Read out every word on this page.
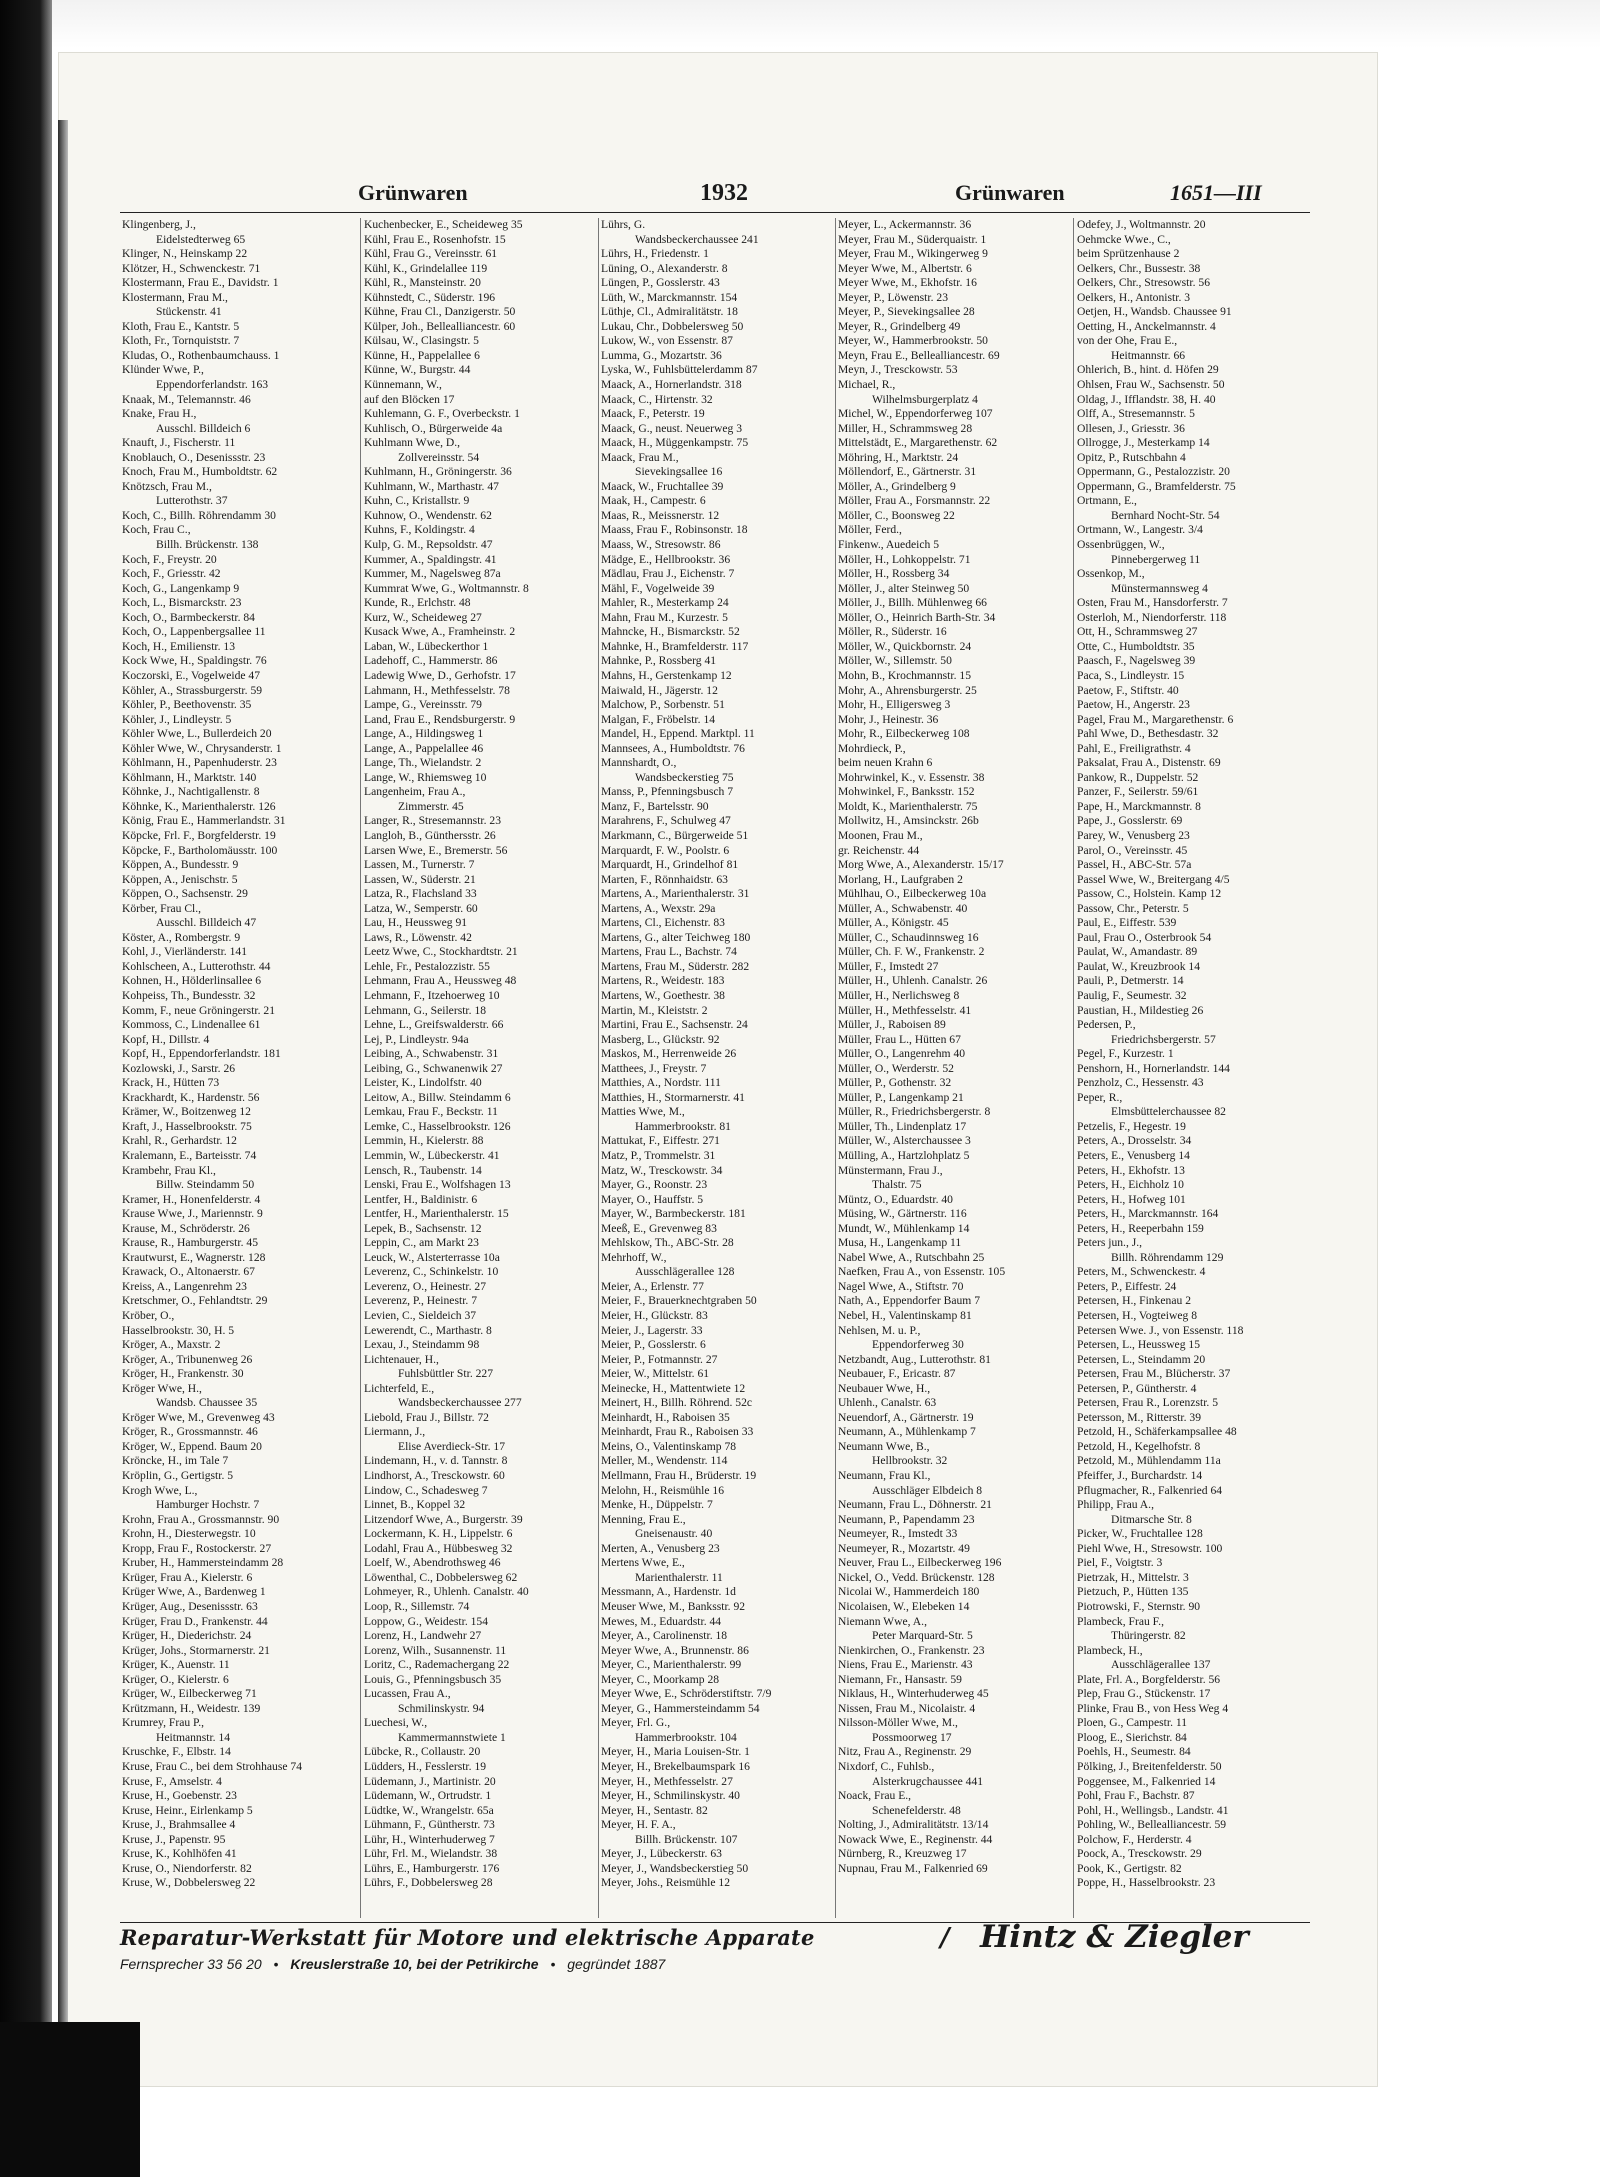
Grünwaren	1932	Grünwaren	1651—III
Klingenberg, J.,
Eidelstedterweg 65
Klinger, N., Heinskamp 22
Klötzer, H., Schwenckestr. 71
Klostermann, Frau E., Davidstr. 1
Klostermann, Frau M.,
Stückenstr. 41
Kloth, Frau E., Kantstr. 5
Kloth, Fr., Tornquiststr. 7
Kludas, O., Rothenbaumchauss. 1
Klünder Wwe, P.,
Eppendorferlandstr. 163
Knaak, M., Telemannstr. 46
Knake, Frau H.,
Ausschl. Billdeich 6
Knauft, J., Fischerstr. 11
Knoblauch, O., Desenissstr. 23
Knoch, Frau M., Humboldtstr. 62
Knötzsch, Frau M.,
Lutterothstr. 37
Koch, C., Billh. Röhrendamm 30
Koch, Frau C.,
Billh. Brückenstr. 138
Koch, F., Freystr. 20
Koch, F., Griesstr. 42
Koch, G., Langenkamp 9
Koch, L., Bismarckstr. 23
Koch, O., Barmbeckerstr. 84
Koch, O., Lappenbergsallee 11
Koch, H., Emilienstr. 13
Kock Wwe, H., Spaldingstr. 76
Koczorski, E., Vogelweide 47
Köhler, A., Strassburgerstr. 59
Köhler, P., Beethovenstr. 35
Köhler, J., Lindleystr. 5
Köhler Wwe, L., Bullerdeich 20
Köhler Wwe, W., Chrysanderstr. 1
Köhlmann, H., Papenhuderstr. 23
Köhlmann, H., Marktstr. 140
Köhnke, J., Nachtigallenstr. 8
Köhnke, K., Marienthalerstr. 126
König, Frau E., Hammerlandstr. 31
Köpcke, Frl. F., Borgfelderstr. 19
Köpcke, F., Bartholomäusstr. 100
Köppen, A., Bundesstr. 9
Köppen, A., Jenischstr. 5
Köppen, O., Sachsenstr. 29
Körber, Frau Cl.,
Ausschl. Billdeich 47
Köster, A., Rombergstr. 9
Kohl, J., Vierländerstr. 141
Kohlscheen, A., Lutterothstr. 44
Kohnen, H., Hölderlinsallee 6
Kohpeiss, Th., Bundesstr. 32
Komm, F., neue Gröningerstr. 21
Kommoss, C., Lindenallee 61
Kopf, H., Dillstr. 4
Kopf, H., Eppendorferlandstr. 181
Kozlowski, J., Sarstr. 26
Krack, H., Hütten 73
Krackhardt, K., Hardenstr. 56
Krämer, W., Boitzenweg 12
Kraft, J., Hasselbrookstr. 75
Krahl, R., Gerhardstr. 12
Kralemann, E., Barteisstr. 74
Krambehr, Frau Kl.,
Billw. Steindamm 50
Kramer, H., Honenfelderstr. 4
Krause Wwe, J., Mariennstr. 9
Krause, M., Schröderstr. 26
Krause, R., Hamburgerstr. 45
Krautwurst, E., Wagnerstr. 128
Krawack, O., Altonaerstr. 67
Kreiss, A., Langenrehm 23
Kretschmer, O., Fehlandtstr. 29
Kröber, O.,
Hasselbrookstr. 30, H. 5
Kröger, A., Maxstr. 2
Kröger, A., Tribunenweg 26
Kröger, H., Frankenstr. 30
Kröger Wwe, H.,
Wandsb. Chaussee 35
Kröger Wwe, M., Grevenweg 43
Kröger, R., Grossmannstr. 46
Kröger, W., Eppend. Baum 20
Kröncke, H., im Tale 7
Kröplin, G., Gertigstr. 5
Krogh Wwe, L.,
Hamburger Hochstr. 7
Krohn, Frau A., Grossmannstr. 90
Krohn, H., Diesterwegstr. 10
Kropp, Frau F., Rostockerstr. 27
Kruber, H., Hammersteindamm 28
Krüger, Frau A., Kielerstr. 6
Krüger Wwe, A., Bardenweg 1
Krüger, Aug., Desenissstr. 63
Krüger, Frau D., Frankenstr. 44
Krüger, H., Diederichstr. 24
Krüger, Johs., Stormarnerstr. 21
Krüger, K., Auenstr. 11
Krüger, O., Kielerstr. 6
Krüger, W., Eilbeckerweg 71
Krützmann, H., Weidestr. 139
Krumrey, Frau P.,
Heitmannstr. 14
Kruschke, F., Elbstr. 14
Kruse, Frau C., bei dem Strohhause 74
Kruse, F., Amselstr. 4
Kruse, H., Goebenstr. 23
Kruse, Heinr., Eirlenkamp 5
Kruse, J., Brahmsallee 4
Kruse, J., Papenstr. 95
Kruse, K., Kohlhöfen 41
Kruse, O., Niendorferstr. 82
Kruse, W., Dobbelersweg 22
Kuchenbecker, E., Scheideweg 35
Kühl, Frau E., Rosenhofstr. 15
Kühl, Frau G., Vereinsstr. 61
Kühl, K., Grindelallee 119
Kühl, R., Mansteinstr. 20
Kühnstedt, C., Süderstr. 196
Kühne, Frau Cl., Danzigerstr. 50
Külper, Joh., Bellealliancestr. 60
Külsau, W., Clasingstr. 5
Künne, H., Pappelallee 6
Künne, W., Burgstr. 44
Künnemann, W.,
auf den Blöcken 17
Kuhlemann, G. F., Overbeckstr. 1
Kuhlisch, O., Bürgerweide 4a
Kuhlmann Wwe, D.,
Zollvereinsstr. 54
Kuhlmann, H., Gröningerstr. 36
Kuhlmann, W., Marthastr. 47
Kuhn, C., Kristallstr. 9
Kuhnow, O., Wendenstr. 62
Kuhns, F., Koldingstr. 4
Kulp, G. M., Repsoldstr. 47
Kummer, A., Spaldingstr. 41
Kummer, M., Nagelsweg 87a
Kummrat Wwe, G., Woltmannstr. 8
Kunde, R., Erlchstr. 48
Kurz, W., Scheideweg 27
Kusack Wwe, A., Framheinstr. 2
Laban, W., Lübeckerthor 1
Ladehoff, C., Hammerstr. 86
Ladewig Wwe, D., Gerhofstr. 17
Lahmann, H., Methfesselstr. 78
Lampe, G., Vereinsstr. 79
Land, Frau E., Rendsburgerstr. 9
Lange, A., Hildingsweg 1
Lange, A., Pappelallee 46
Lange, Th., Wielandstr. 2
Lange, W., Rhiemsweg 10
Langenheim, Frau A.,
Zimmerstr. 45
Langer, R., Stresemannstr. 23
Langloh, B., Günthersstr. 26
Larsen Wwe, E., Bremerstr. 56
Lassen, M., Turnerstr. 7
Lassen, W., Süderstr. 21
Latza, R., Flachsland 33
Latza, W., Semperstr. 60
Lau, H., Heussweg 91
Laws, R., Löwenstr. 42
Leetz Wwe, C., Stockhardtstr. 21
Lehle, Fr., Pestalozzistr. 55
Lehmann, Frau A., Heussweg 48
Lehmann, F., Itzehoerweg 10
Lehmann, G., Seilerstr. 18
Lehne, L., Greifswalderstr. 66
Lej, P., Lindleystr. 94a
Leibing, A., Schwabenstr. 31
Leibing, G., Schwanenwik 27
Leister, K., Lindolfstr. 40
Leitow, A., Billw. Steindamm 6
Lemkau, Frau F., Beckstr. 11
Lemke, C., Hasselbrookstr. 126
Lemmin, H., Kielerstr. 88
Lemmin, W., Lübeckerstr. 41
Lensch, R., Taubenstr. 14
Lenski, Frau E., Wolfshagen 13
Lentfer, H., Baldinistr. 6
Lentfer, H., Marienthalerstr. 15
Lepek, B., Sachsenstr. 12
Leppin, C., am Markt 23
Leuck, W., Alsterterrasse 10a
Leverenz, C., Schinkelstr. 10
Leverenz, O., Heinestr. 27
Leverenz, P., Heinestr. 7
Levien, C., Sieldeich 37
Lewerendt, C., Marthastr. 8
Lexau, J., Steindamm 98
Lichtenauer, H.,
Fuhlsbüttler Str. 227
Lichterfeld, E.,
Wandsbeckerchaussee 277
Liebold, Frau J., Billstr. 72
Liermann, J.,
Elise Averdieck-Str. 17
Lindemann, H., v. d. Tannstr. 8
Lindhorst, A., Tresckowstr. 60
Lindow, C., Schadesweg 7
Linnet, B., Koppel 32
Litzendorf Wwe, A., Burgerstr. 39
Lockermann, K. H., Lippelstr. 6
Lodahl, Frau A., Hübbesweg 32
Loelf, W., Abendrothsweg 46
Löwenthal, C., Dobbelersweg 62
Lohmeyer, R., Uhlenh. Canalstr. 40
Loop, R., Sillemstr. 74
Loppow, G., Weidestr. 154
Lorenz, H., Landwehr 27
Lorenz, Wilh., Susannenstr. 11
Loritz, C., Rademachergang 22
Louis, G., Pfenningsbusch 35
Lucassen, Frau A.,
Schmilinskystr. 94
Luechesi, W.,
Kammermannstwiete 1
Lübcke, R., Collaustr. 20
Lüdders, H., Fesslerstr. 19
Lüdemann, J., Martinistr. 20
Lüdemann, W., Ortrudstr. 1
Lüdtke, W., Wrangelstr. 65a
Lühmann, F., Güntherstr. 73
Lühr, H., Winterhuderweg 7
Lühr, Frl. M., Wielandstr. 38
Lührs, E., Hamburgerstr. 176
Lührs, F., Dobbelersweg 28
Lührs, G.
Wandsbeckerchaussee 241
Lührs, H., Friedenstr. 1
Lüning, O., Alexanderstr. 8
Lüngen, P., Gosslerstr. 43
Lüth, W., Marckmannstr. 154
Lüthje, Cl., Admiralitätstr. 18
Lukau, Chr., Dobbelersweg 50
Lukow, W., von Essenstr. 87
Lumma, G., Mozartstr. 36
Lyska, W., Fuhlsbüttelerdamm 87
Maack, A., Hornerlandstr. 318
Maack, C., Hirtenstr. 32
Maack, F., Peterstr. 19
Maack, G., neust. Neuerweg 3
Maack, H., Müggenkampstr. 75
Maack, Frau M.,
Sievekingsallee 16
Maack, W., Fruchtallee 39
Maak, H., Campestr. 6
Maas, R., Meissnerstr. 12
Maass, Frau F., Robinsonstr. 18
Maass, W., Stresowstr. 86
Mädge, E., Hellbrookstr. 36
Mädlau, Frau J., Eichenstr. 7
Mähl, F., Vogelweide 39
Mahler, R., Mesterkamp 24
Mahn, Frau M., Kurzestr. 5
Mahncke, H., Bismarckstr. 52
Mahnke, H., Bramfelderstr. 117
Mahnke, P., Rossberg 41
Mahns, H., Gerstenkamp 12
Maiwald, H., Jägerstr. 12
Malchow, P., Sorbenstr. 51
Malgan, F., Fröbelstr. 14
Mandel, H., Eppend. Marktpl. 11
Mannsees, A., Humboldtstr. 76
Mannshardt, O.,
Wandsbeckerstieg 75
Manss, P., Pfenningsbusch 7
Manz, F., Bartelsstr. 90
Marahrens, F., Schulweg 47
Markmann, C., Bürgerweide 51
Marquardt, F. W., Poolstr. 6
Marquardt, H., Grindelhof 81
Marten, F., Rönnhaidstr. 63
Martens, A., Marienthalerstr. 31
Martens, A., Wexstr. 29a
Martens, Cl., Eichenstr. 83
Martens, G., alter Teichweg 180
Martens, Frau L., Bachstr. 74
Martens, Frau M., Süderstr. 282
Martens, R., Weidestr. 183
Martens, W., Goethestr. 38
Martin, M., Kleiststr. 2
Martini, Frau E., Sachsenstr. 24
Masberg, L., Glückstr. 92
Maskos, M., Herrenweide 26
Matthees, J., Freystr. 7
Matthies, A., Nordstr. 111
Matthies, H., Stormarnerstr. 41
Matties Wwe, M.,
Hammerbrookstr. 81
Mattukat, F., Eiffestr. 271
Matz, P., Trommelstr. 31
Matz, W., Tresckowstr. 34
Mayer, G., Roonstr. 23
Mayer, O., Hauffstr. 5
Mayer, W., Barmbeckerstr. 181
Meeß, E., Grevenweg 83
Mehlskow, Th., ABC-Str. 28
Mehrhoff, W.,
Ausschlägerallee 128
Meier, A., Erlenstr. 77
Meier, F., Brauerknechtgraben 50
Meier, H., Glückstr. 83
Meier, J., Lagerstr. 33
Meier, P., Gosslerstr. 6
Meier, P., Fotmannstr. 27
Meier, W., Mittelstr. 61
Meinecke, H., Mattentwiete 12
Meinert, H., Billh. Röhrend. 52c
Meinhardt, H., Raboisen 35
Meinhardt, Frau R., Raboisen 33
Meins, O., Valentinskamp 78
Meller, M., Wendenstr. 114
Mellmann, Frau H., Brüderstr. 19
Melohn, H., Reismühle 16
Menke, H., Düppelstr. 7
Menning, Frau E.,
Gneisenaustr. 40
Merten, A., Venusberg 23
Mertens Wwe, E.,
Marienthalerstr. 11
Messmann, A., Hardenstr. 1d
Meuser Wwe, M., Banksstr. 92
Mewes, M., Eduardstr. 44
Meyer, A., Carolinenstr. 18
Meyer Wwe, A., Brunnenstr. 86
Meyer, C., Marienthalerstr. 99
Meyer, C., Moorkamp 28
Meyer Wwe, E., Schröderstiftstr. 7/9
Meyer, G., Hammersteindamm 54
Meyer, Frl. G.,
Hammerbrookstr. 104
Meyer, H., Maria Louisen-Str. 1
Meyer, H., Brekelbaumspark 16
Meyer, H., Methfesselstr. 27
Meyer, H., Schmilinskystr. 40
Meyer, H., Sentastr. 82
Meyer, H. F. A.,
Billh. Brückenstr. 107
Meyer, J., Lübeckerstr. 63
Meyer, J., Wandsbeckerstieg 50
Meyer, Johs., Reismühle 12
Meyer, L., Ackermannstr. 36
Meyer, Frau M., Süderquaistr. 1
Meyer, Frau M., Wikingerweg 9
Meyer Wwe, M., Albertstr. 6
Meyer Wwe, M., Ekhofstr. 16
Meyer, P., Löwenstr. 23
Meyer, P., Sievekingsallee 28
Meyer, R., Grindelberg 49
Meyer, W., Hammerbrookstr. 50
Meyn, Frau E., Bellealliancestr. 69
Meyn, J., Tresckowstr. 53
Michael, R.,
Wilhelmsburgerplatz 4
Michel, W., Eppendorferweg 107
Miller, H., Schrammsweg 28
Mittelstädt, E., Margarethenstr. 62
Möhring, H., Marktstr. 24
Möllendorf, E., Gärtnerstr. 31
Möller, A., Grindelberg 9
Möller, Frau A., Forsmannstr. 22
Möller, C., Boonsweg 22
Möller, Ferd.,
Finkenw., Auedeich 5
Möller, H., Lohkoppelstr. 71
Möller, H., Rossberg 34
Möller, J., alter Steinweg 50
Möller, J., Billh. Mühlenweg 66
Möller, O., Heinrich Barth-Str. 34
Möller, R., Süderstr. 16
Möller, W., Quickbornstr. 24
Möller, W., Sillemstr. 50
Mohn, B., Krochmannstr. 15
Mohr, A., Ahrensburgerstr. 25
Mohr, H., Elligersweg 3
Mohr, J., Heinestr. 36
Mohr, R., Eilbeckerweg 108
Mohrdieck, P.,
beim neuen Krahn 6
Mohrwinkel, K., v. Essenstr. 38
Mohwinkel, F., Banksstr. 152
Moldt, K., Marienthalerstr. 75
Mollwitz, H., Amsinckstr. 26b
Moonen, Frau M.,
gr. Reichenstr. 44
Morg Wwe, A., Alexanderstr. 15/17
Morlang, H., Laufgraben 2
Mühlhau, O., Eilbeckerweg 10a
Müller, A., Schwabenstr. 40
Müller, A., Königstr. 45
Müller, C., Schaudinnsweg 16
Müller, Ch. F. W., Frankenstr. 2
Müller, F., Imstedt 27
Müller, H., Uhlenh. Canalstr. 26
Müller, H., Nerlichsweg 8
Müller, H., Methfesselstr. 41
Müller, J., Raboisen 89
Müller, Frau L., Hütten 67
Müller, O., Langenrehm 40
Müller, O., Werderstr. 52
Müller, P., Gothenstr. 32
Müller, P., Langenkamp 21
Müller, R., Friedrichsbergerstr. 8
Müller, Th., Lindenplatz 17
Müller, W., Alsterchaussee 3
Mülling, A., Hartzlohplatz 5
Münstermann, Frau J.,
Thalstr. 75
Müntz, O., Eduardstr. 40
Müsing, W., Gärtnerstr. 116
Mundt, W., Mühlenkamp 14
Musa, H., Langenkamp 11
Nabel Wwe, A., Rutschbahn 25
Naefken, Frau A., von Essenstr. 105
Nagel Wwe, A., Stiftstr. 70
Nath, A., Eppendorfer Baum 7
Nebel, H., Valentinskamp 81
Nehlsen, M. u. P.,
Eppendorferweg 30
Netzbandt, Aug., Lutterothstr. 81
Neubauer, F., Ericastr. 87
Neubauer Wwe, H.,
Uhlenh., Canalstr. 63
Neuendorf, A., Gärtnerstr. 19
Neumann, A., Mühlenkamp 7
Neumann Wwe, B.,
Hellbrookstr. 32
Neumann, Frau Kl.,
Ausschläger Elbdeich 8
Neumann, Frau L., Döhnerstr. 21
Neumann, P., Papendamm 23
Neumeyer, R., Imstedt 33
Neumeyer, R., Mozartstr. 49
Neuver, Frau L., Eilbeckerweg 196
Nickel, O., Vedd. Brückenstr. 128
Nicolai W., Hammerdeich 180
Nicolaisen, W., Elebeken 14
Niemann Wwe, A.,
Peter Marquard-Str. 5
Nienkirchen, O., Frankenstr. 23
Niens, Frau E., Marienstr. 43
Niemann, Fr., Hansastr. 59
Niklaus, H., Winterhuderweg 45
Nissen, Frau M., Nicolaistr. 4
Nilsson-Möller Wwe, M.,
Possmoorweg 17
Nitz, Frau A., Reginenstr. 29
Nixdorf, C., Fuhlsb.,
Alsterkrugchaussee 441
Noack, Frau E.,
Schenefelderstr. 48
Nolting, J., Admiralitätstr. 13/14
Nowack Wwe, E., Reginenstr. 44
Nürnberg, R., Kreuzweg 17
Nupnau, Frau M., Falkenried 69
Odefey, J., Woltmannstr. 20
Oehmcke Wwe., C.,
beim Sprützenhause 2
Oelkers, Chr., Bussestr. 38
Oelkers, Chr., Stresowstr. 56
Oelkers, H., Antonistr. 3
Oetjen, H., Wandsb. Chaussee 91
Oetting, H., Anckelmannstr. 4
von der Ohe, Frau E.,
Heitmannstr. 66
Ohlerich, B., hint. d. Höfen 29
Ohlsen, Frau W., Sachsenstr. 50
Oldag, J., Ifflandstr. 38, H. 40
Olff, A., Stresemannstr. 5
Ollesen, J., Griesstr. 36
Ollrogge, J., Mesterkamp 14
Opitz, P., Rutschbahn 4
Oppermann, G., Pestalozzistr. 20
Oppermann, G., Bramfelderstr. 75
Ortmann, E.,
Bernhard Nocht-Str. 54
Ortmann, W., Langestr. 3/4
Ossenbrüggen, W.,
Pinnebergerweg 11
Ossenkop, M.,
Münstermannsweg 4
Osten, Frau M., Hansdorferstr. 7
Osterloh, M., Niendorferstr. 118
Ott, H., Schrammsweg 27
Otte, C., Humboldtstr. 35
Paasch, F., Nagelsweg 39
Paca, S., Lindleystr. 15
Paetow, F., Stiftstr. 40
Paetow, H., Angerstr. 23
Pagel, Frau M., Margarethenstr. 6
Pahl Wwe, D., Bethesdastr. 32
Pahl, E., Freiligrathstr. 4
Paksalat, Frau A., Distenstr. 69
Pankow, R., Duppelstr. 52
Panzer, F., Seilerstr. 59/61
Pape, H., Marckmannstr. 8
Pape, J., Gosslerstr. 69
Parey, W., Venusberg 23
Parol, O., Vereinsstr. 45
Passel, H., ABC-Str. 57a
Passel Wwe, W., Breitergang 4/5
Passow, C., Holstein. Kamp 12
Passow, Chr., Peterstr. 5
Paul, E., Eiffestr. 539
Paul, Frau O., Osterbrook 54
Paulat, W., Amandastr. 89
Paulat, W., Kreuzbrook 14
Pauli, P., Detmerstr. 14
Paulig, F., Seumestr. 32
Paustian, H., Mildestieg 26
Pedersen, P.,
Friedrichsbergerstr. 57
Pegel, F., Kurzestr. 1
Penshorn, H., Hornerlandstr. 144
Penzholz, C., Hessenstr. 43
Peper, R.,
Elmsbüttelerchaussee 82
Petzelis, F., Hegestr. 19
Peters, A., Drosselstr. 34
Peters, E., Venusberg 14
Peters, H., Ekhofstr. 13
Peters, H., Eichholz 10
Peters, H., Hofweg 101
Peters, H., Marckmannstr. 164
Peters, H., Reeperbahn 159
Peters jun., J.,
Billh. Röhrendamm 129
Peters, M., Schwenckestr. 4
Peters, P., Eiffestr. 24
Petersen, H., Finkenau 2
Petersen, H., Vogteiweg 8
Petersen Wwe. J., von Essenstr. 118
Petersen, L., Heussweg 15
Petersen, L., Steindamm 20
Petersen, Frau M., Blücherstr. 37
Petersen, P., Güntherstr. 4
Petersen, Frau R., Lorenzstr. 5
Petersson, M., Ritterstr. 39
Petzold, H., Schäferkampsallee 48
Petzold, H., Kegelhofstr. 8
Petzold, M., Mühlendamm 11a
Pfeiffer, J., Burchardstr. 14
Pflugmacher, R., Falkenried 64
Philipp, Frau A.,
Ditmarsche Str. 8
Picker, W., Fruchtallee 128
Piehl Wwe, H., Stresowstr. 100
Piel, F., Voigtstr. 3
Pietrzak, H., Mittelstr. 3
Pietzuch, P., Hütten 135
Piotrowski, F., Sternstr. 90
Plambeck, Frau F.,
Thüringerstr. 82
Plambeck, H.,
Ausschlägerallee 137
Plate, Frl. A., Borgfelderstr. 56
Plep, Frau G., Stückenstr. 17
Plinke, Frau B., von Hess Weg 4
Ploen, G., Campestr. 11
Ploog, E., Sierichstr. 84
Poehls, H., Seumestr. 84
Pölking, J., Breitenfelderstr. 50
Poggensee, M., Falkenried 14
Pohl, Frau F., Bachstr. 87
Pohl, H., Wellingsb., Landstr. 41
Pohling, W., Bellealliancestr. 59
Polchow, F., Herderstr. 4
Poock, A., Tresckowstr. 29
Pook, K., Gertigstr. 82
Poppe, H., Hasselbrookstr. 23
Reparatur-Werkstatt für Motore und elektrische Apparate	/ Hintz & Ziegler
Fernsprecher 33 56 20 • Kreuslerstraße 10, bei der Petrikirche • gegründet 1887
